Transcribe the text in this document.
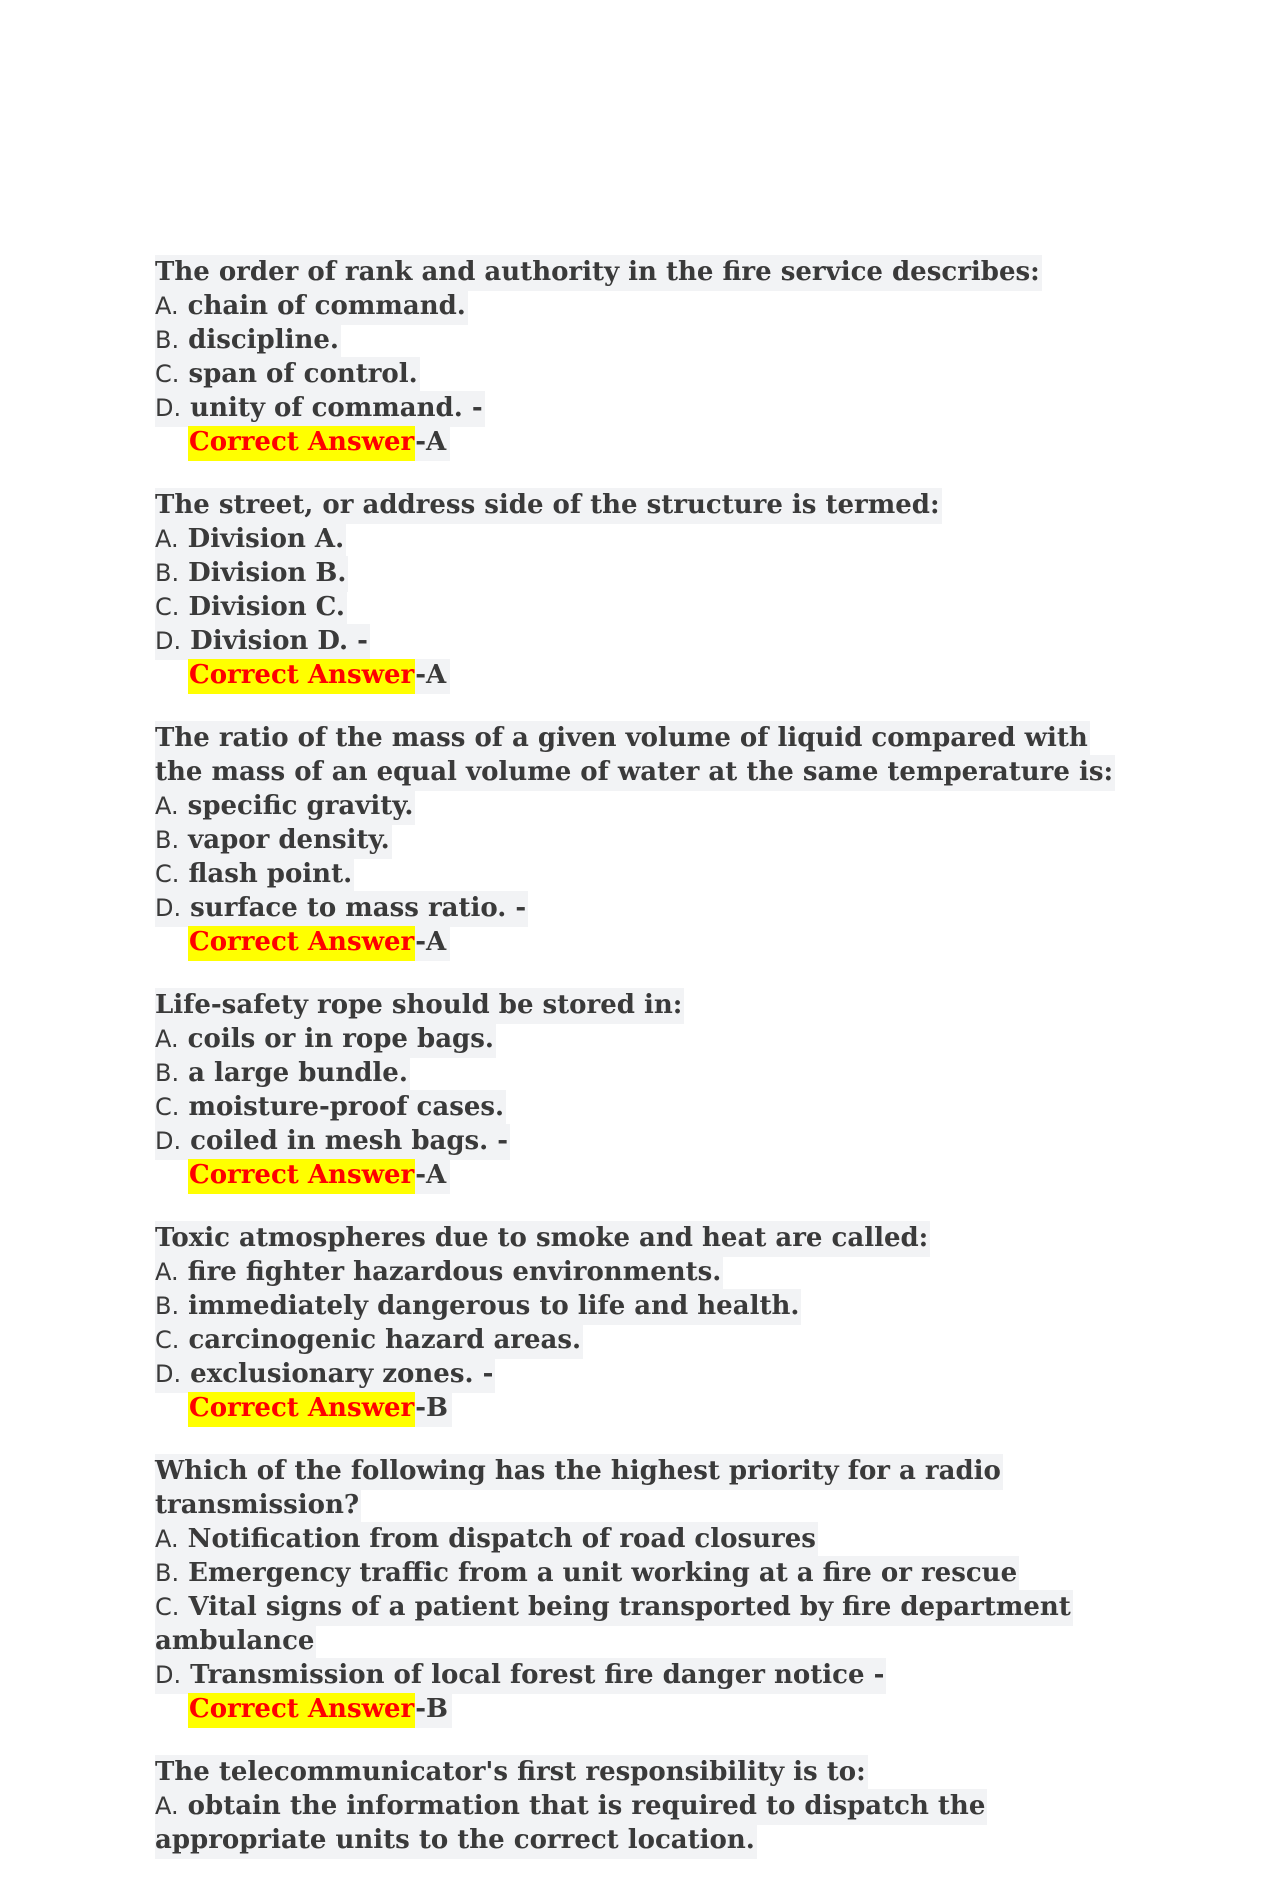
The order of rank and authority in the fire service describes:
A. chain of command.
B. discipline.
C. span of control.
D. unity of command. -
Correct Answer-A
The street, or address side of the structure is termed:
A. Division A.
B. Division B.
C. Division C.
D. Division D. -
Correct Answer-A
The ratio of the mass of a given volume of liquid compared with the mass of an equal volume of water at the same temperature is:
A. specific gravity.
B. vapor density.
C. flash point.
D. surface to mass ratio. -
Correct Answer-A
Life-safety rope should be stored in:
A. coils or in rope bags.
B. a large bundle.
C. moisture-proof cases.
D. coiled in mesh bags. -
Correct Answer-A
Toxic atmospheres due to smoke and heat are called:
A. fire fighter hazardous environments.
B. immediately dangerous to life and health.
C. carcinogenic hazard areas.
D. exclusionary zones. -
Correct Answer-B
Which of the following has the highest priority for a radio transmission?
A. Notification from dispatch of road closures
B. Emergency traffic from a unit working at a fire or rescue
C. Vital signs of a patient being transported by fire department ambulance
D. Transmission of local forest fire danger notice -
Correct Answer-B
The telecommunicator's first responsibility is to:
A. obtain the information that is required to dispatch the appropriate units to the correct location.
